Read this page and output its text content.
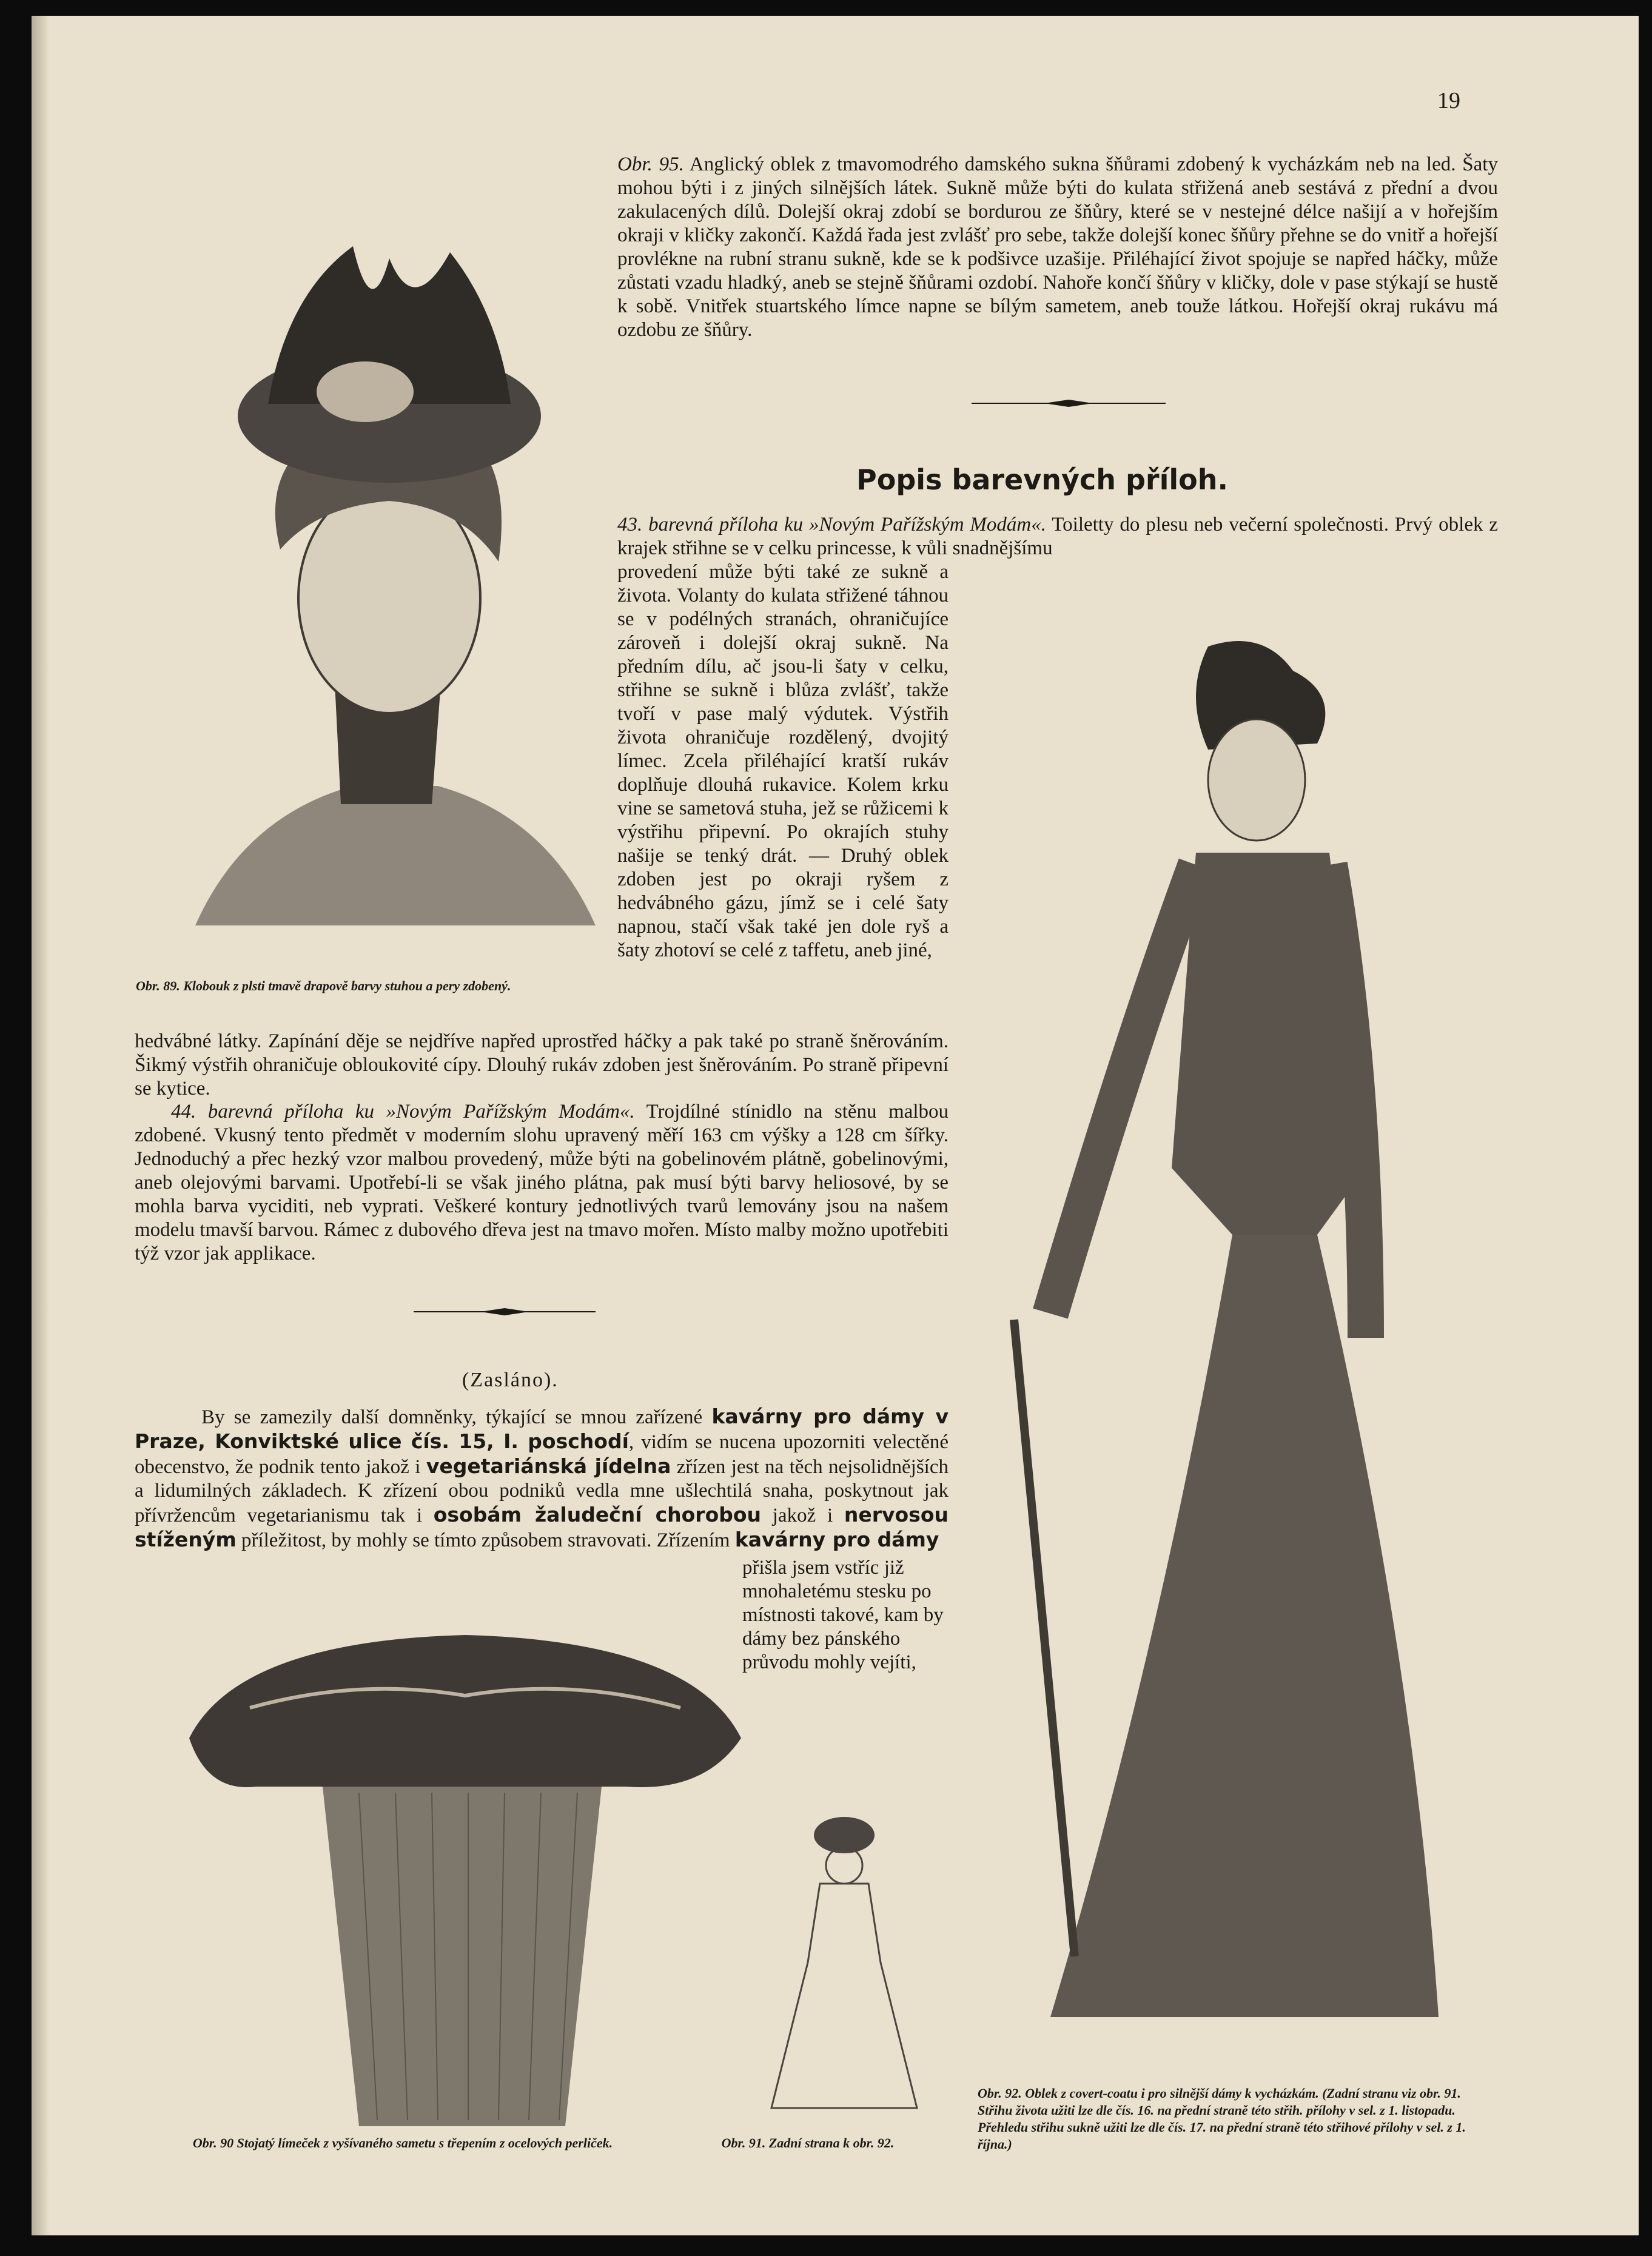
19
Obr. 95. Anglický oblek z tmavomodrého damského sukna šňůrami zdobený k vycházkám neb na led. Šaty mohou býti i z jiných silnějších látek. Sukně může býti do kulata střižená aneb sestává z přední a dvou zakulacených dílů. Dolejší okraj zdobí se bordurou ze šňůry, které se v nestejné délce našijí a v hořejším okraji v kličky zakončí. Každá řada jest zvlášť pro sebe, takže dolejší konec šňůry přehne se do vnitř a hořejší provlékne na rubní stranu sukně, kde se k podšivce uzašije. Přiléhající život spojuje se napřed háčky, může zůstati vzadu hladký, aneb se stejně šňůrami ozdobí. Nahoře končí šňůry v kličky, dole v pase stýkají se hustě k sobě. Vnitřek stuartského límce napne se bílým sametem, aneb touže látkou. Hořejší okraj rukávu má ozdobu ze šňůry.
Obr. 89. Klobouk z plsti tmavě drapově barvy stuhou a pery zdobený.
Popis barevných příloh.
43. barevná příloha ku »Novým Pařížským Modám«. Toiletty do plesu neb večerní společnosti. Prvý oblek z krajek střihne se v celku princesse, k vůli snadnějšímu
provedení může býti také ze sukně a života. Volanty do kulata střižené táhnou se v podélných stranách, ohraničujíce zároveň i dolejší okraj sukně. Na předním dílu, ač jsou-li šaty v celku, střihne se sukně i blůza zvlášť, takže tvoří v pase malý výdutek. Výstřih života ohraničuje rozdělený, dvojitý límec. Zcela přiléhající kratší rukáv doplňuje dlouhá rukavice. Kolem krku vine se sametová stuha, jež se růžicemi k výstřihu připevní. Po okrajích stuhy našije se tenký drát. — Druhý oblek zdoben jest po okraji ryšem z hedvábného gázu, jímž se i celé šaty napnou, stačí však také jen dole ryš a šaty zhotoví se celé z taffetu, aneb jiné,
hedvábné látky. Zapínání děje se nejdříve napřed uprostřed háčky a pak také po straně šněrováním. Šikmý výstřih ohraničuje obloukovité cípy. Dlouhý rukáv zdoben jest šněrováním. Po straně připevní se kytice.
44. barevná příloha ku »Novým Pařížským Modám«. Trojdílné stínidlo na stěnu malbou zdobené. Vkusný tento předmět v moderním slohu upravený měří 163 cm výšky a 128 cm šířky. Jednoduchý a přec hezký vzor malbou provedený, může býti na gobelinovém plátně, gobelinovými, aneb olejovými barvami. Upotřebí-li se však jiného plátna, pak musí býti barvy heliosové, by se mohla barva vyciditi, neb vyprati. Veškeré kontury jednotlivých tvarů lemovány jsou na našem modelu tmavší barvou. Rámec z dubového dřeva jest na tmavo mořen. Místo malby možno upotřebiti týž vzor jak applikace.
(Zasláno).
By se zamezily další domněnky, týkající se mnou zařízené kavárny pro dámy v Praze, Konviktské ulice čís. 15, I. poschodí, vidím se nucena upozorniti velectěné obecenstvo, že podnik tento jakož i vegetariánská jídelna zřízen jest na těch nejsolidnějších a lidumilných základech. K zřízení obou podniků vedla mne ušlechtilá snaha, poskytnout jak přívržencům vegetarianismu tak i osobám žaludeční chorobou jakož i nervosou stíženým příležitost, by mohly se tímto způsobem stravovati. Zřízením kavárny pro dámy
přišla jsem vstříc již mnohaletému stesku po místnosti takové, kam by dámy bez pánského průvodu mohly vejíti,
Obr. 90 Stojatý límeček z vyšívaného sametu s třepením z ocelových perliček.	Obr. 91. Zadní strana k obr. 92.
Obr. 92. Oblek z covert-coatu i pro silnější dámy k vycházkám. (Zadní stranu viz obr. 91. Střihu života užiti lze dle čís. 16. na přední straně této střih. přílohy v sel. z 1. listopadu. Přehledu střihu sukně užiti lze dle čís. 17. na přední straně této střihové přílohy v sel. z 1. října.)
